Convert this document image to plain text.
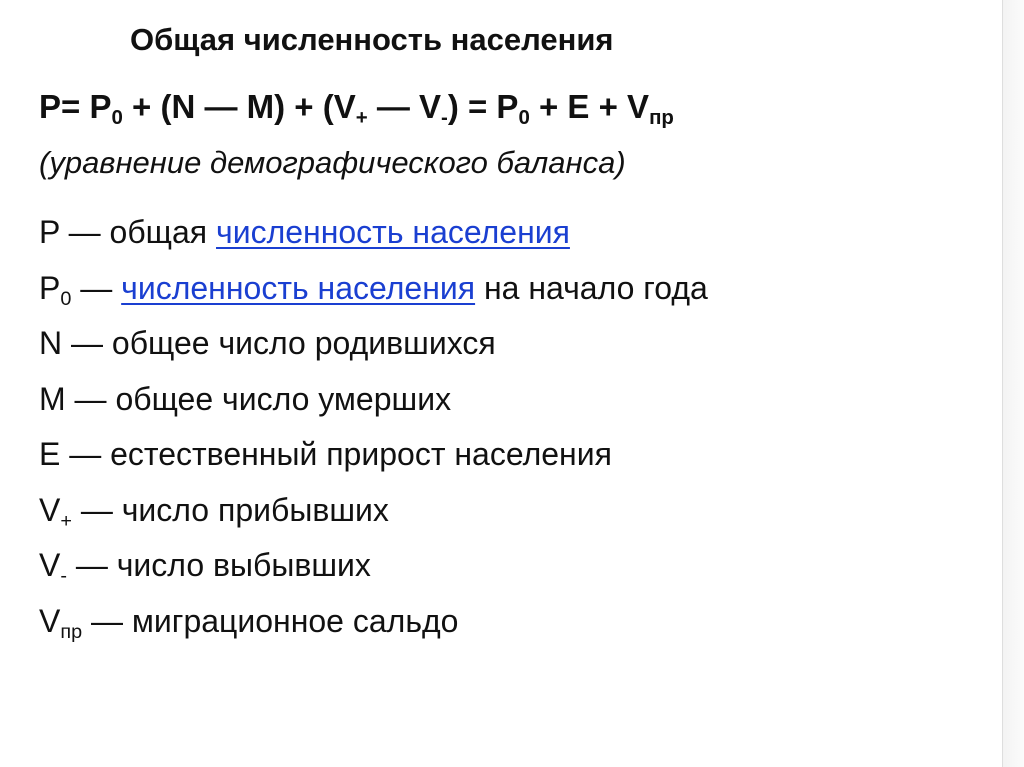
Общая численность населения
$P= P_0 + (N$ — $M) + (V_+$ — $V_-) = P_0 + E + V_{пр}$
(уравнение демографического баланса)
P — общая численность населения
$P_0$ — численность населения на начало года
N — общее число родившихся
M — общее число умерших
E — естественный прирост населения
$V_+$ — число прибывших
$V_-$ — число выбывших
$V_{пр}$ — миграционное сальдо
